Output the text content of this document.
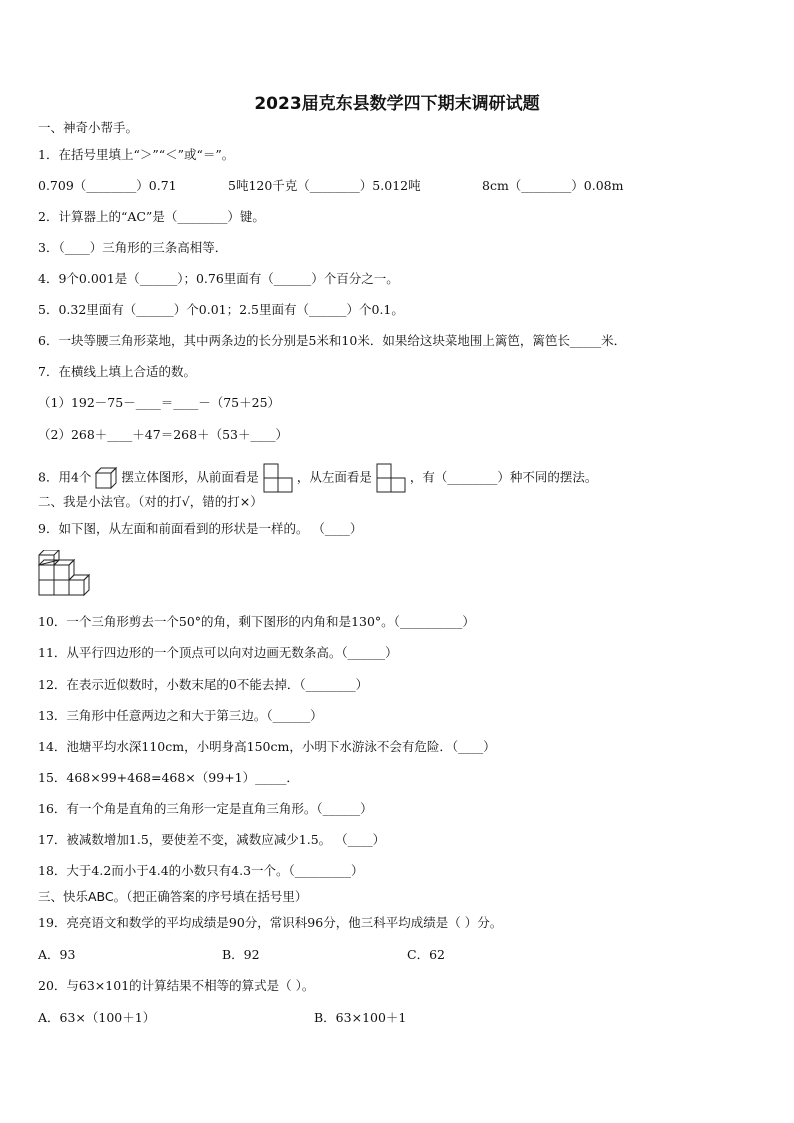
2023届克东县数学四下期末调研试题
一、神奇小帮手。
1．在括号里填上“＞”“＜”或“＝”。
0.709（________）0.71	5吨120千克（________）5.012吨	8cm（________）0.08m
2．计算器上的“AC”是（________）键。
3．（____）三角形的三条高相等．
4．9个0.001是（______）；0.76里面有（______）个百分之一。
5．0.32里面有（______）个0.01；2.5里面有（______）个0.1。
6．一块等腰三角形菜地，其中两条边的长分别是5米和10米．如果给这块菜地围上篱笆，篱笆长_____米．
7．在横线上填上合适的数。
（1）192－75－____＝____－（75＋25）
（2）268＋____＋47＝268＋（53＋____）
8．用4个 摆立体图形，从前面看是	，从左面看是	，有（________）种不同的摆法。
二、我是小法官。（对的打√，错的打×）
9．如下图，从左面和前面看到的形状是一样的。 （____）
10．一个三角形剪去一个50°的角，剩下图形的内角和是130°。（__________）
11．从平行四边形的一个顶点可以向对边画无数条高。（______）
12．在表示近似数时，小数末尾的0不能去掉．（________）
13．三角形中任意两边之和大于第三边。（______）
14．池塘平均水深110cm，小明身高150cm，小明下水游泳不会有危险．（____）
15．468×99+468=468×（99+1）_____．
16．有一个角是直角的三角形一定是直角三角形。（______）
17．被减数增加1.5，要使差不变，减数应减少1.5。 （____）
18．大于4.2而小于4.4的小数只有4.3一个。（_________）
三、快乐ABC。（把正确答案的序号填在括号里）
19．亮亮语文和数学的平均成绩是90分，常识科96分，他三科平均成绩是（ ）分。
A．93	B．92	C．62
20．与63×101的计算结果不相等的算式是（ ）。
A．63×（100＋1）	B．63×100＋1
